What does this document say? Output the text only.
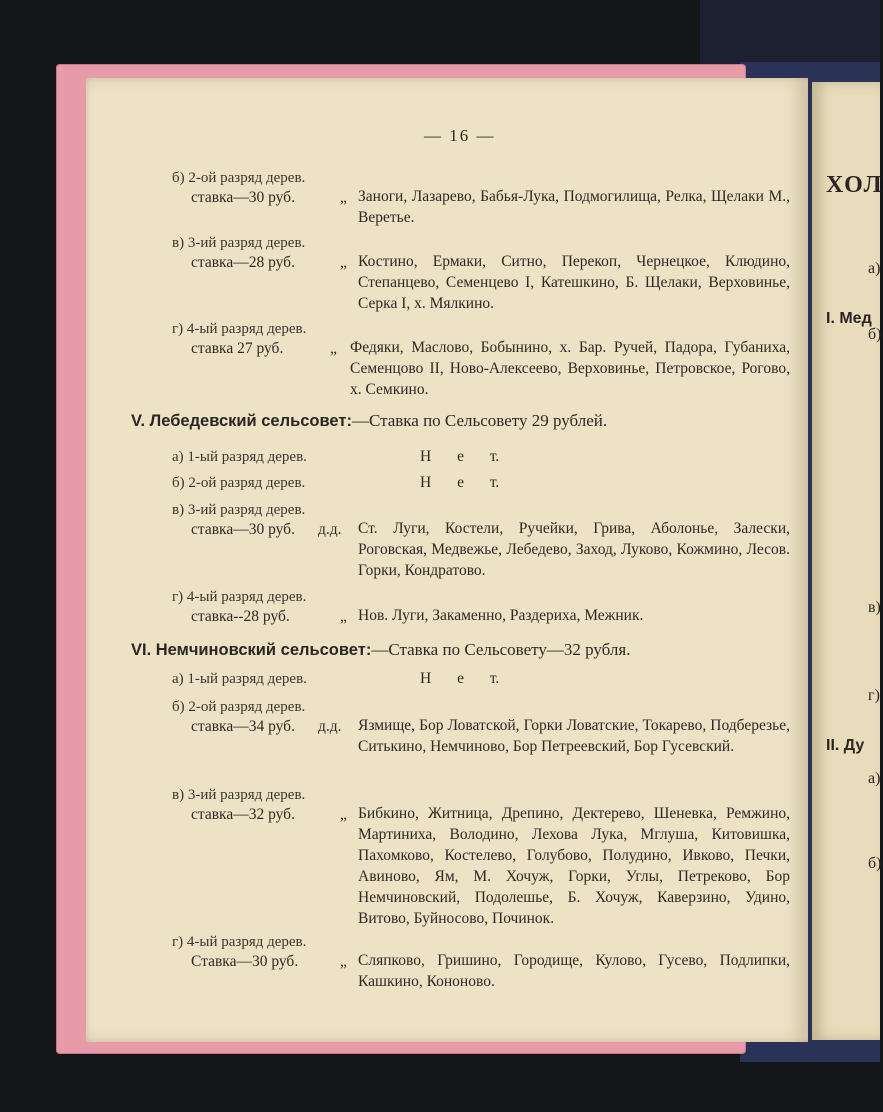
ХОЛ
I. Мед
а)
б)
в)
г)
II. Ду
а)
б)
— 16 —
б) 2-ой разряд дерев.
ставка—30 руб.	„ Заноги, Лазарево, Бабья-Лука, Подмогилища, Релка, Щелаки М., Веретье.
в) 3-ий разряд дерев.
ставка—28 руб.	„ Костино, Ермаки, Ситно, Перекоп, Чернецкое, Клюдино, Степанцево, Семенцево I, Катешкино, Б. Щелаки, Верховинье, Серка I, х. Мялкино.
г) 4-ый разряд дерев.
ставка 27 руб.	„ Федяки, Маслово, Бобынино, х. Бар. Ручей, Падора, Губаниха, Семенцово II, Ново-Алексеево, Верховинье, Петровское, Рогово, х. Семкино.
V. Лебедевский сельсовет:—Ставка по Сельсовету 29 рублей.
а) 1-ый разряд дерев.	Н е т.
б) 2-ой разряд дерев.	Н е т.
в) 3-ий разряд дерев.
ставка—30 руб. д.д. Ст. Луги, Костели, Ручейки, Грива, Аболонье, Залески, Роговская, Медвежье, Лебедево, Заход, Луково, Кожмино, Лесов. Горки, Кондратово.
г) 4-ый разряд дерев.
ставка--28 руб.	„ Нов. Луги, Закаменно, Раздериха, Межник.
VI. Немчиновский сельсовет:—Ставка по Сельсовету—32 рубля.
а) 1-ый разряд дерев.	Н е т.
б) 2-ой разряд дерев.
ставка—34 руб. д.д. Язмище, Бор Ловатской, Горки Ловатские, Токарево, Подберезье, Ситькино, Немчиново, Бор Петреевский, Бор Гусевский.
в) 3-ий разряд дерев.
ставка—32 руб.	„ Бибкино, Житница, Дрепино, Дектерево, Шеневка, Ремжино, Мартиниха, Володино, Лехова Лука, Мглуша, Китовишка, Пахомково, Костелево, Голубово, Полудино, Ивково, Печки, Авиново, Ям, М. Хочуж, Горки, Углы, Петреково, Бор Немчиновский, Подолешье, Б. Хочуж, Каверзино, Удино, Витово, Буйносово, Починок.
г) 4-ый разряд дерев.
Ставка—30 руб.	„ Сляпково, Гришино, Городище, Кулово, Гусево, Подлипки, Кашкино, Кононово.
